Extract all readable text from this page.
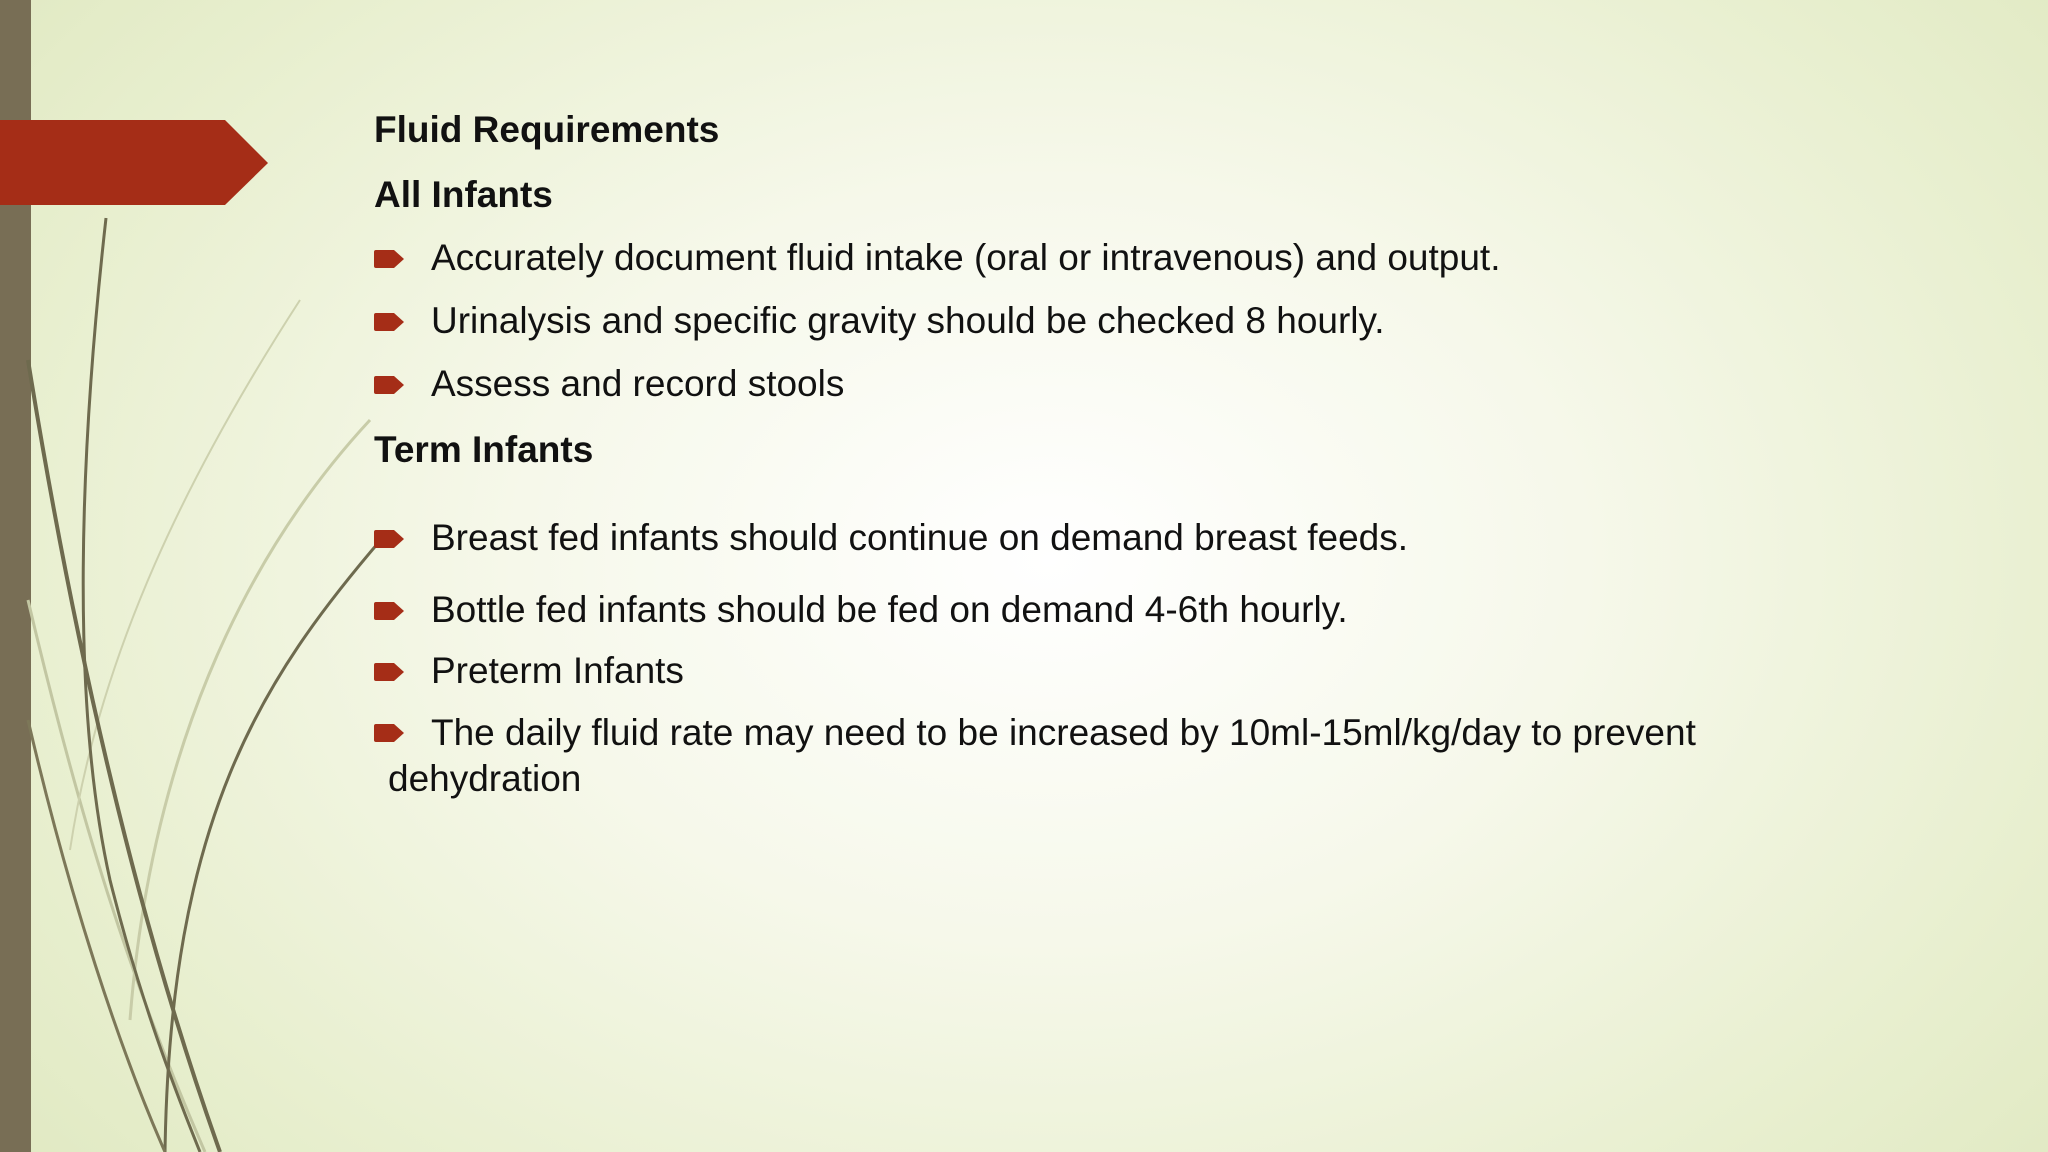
Fluid Requirements
All Infants
Accurately document fluid intake (oral or intravenous) and output.
Urinalysis and specific gravity should be checked 8 hourly.
Assess and record stools
Term Infants
Breast fed infants should continue on demand breast feeds.
Bottle fed infants should be fed on demand 4-6th hourly.
Preterm Infants
The daily fluid rate may need to be increased by 10ml-15ml/kg/day to prevent
dehydration
